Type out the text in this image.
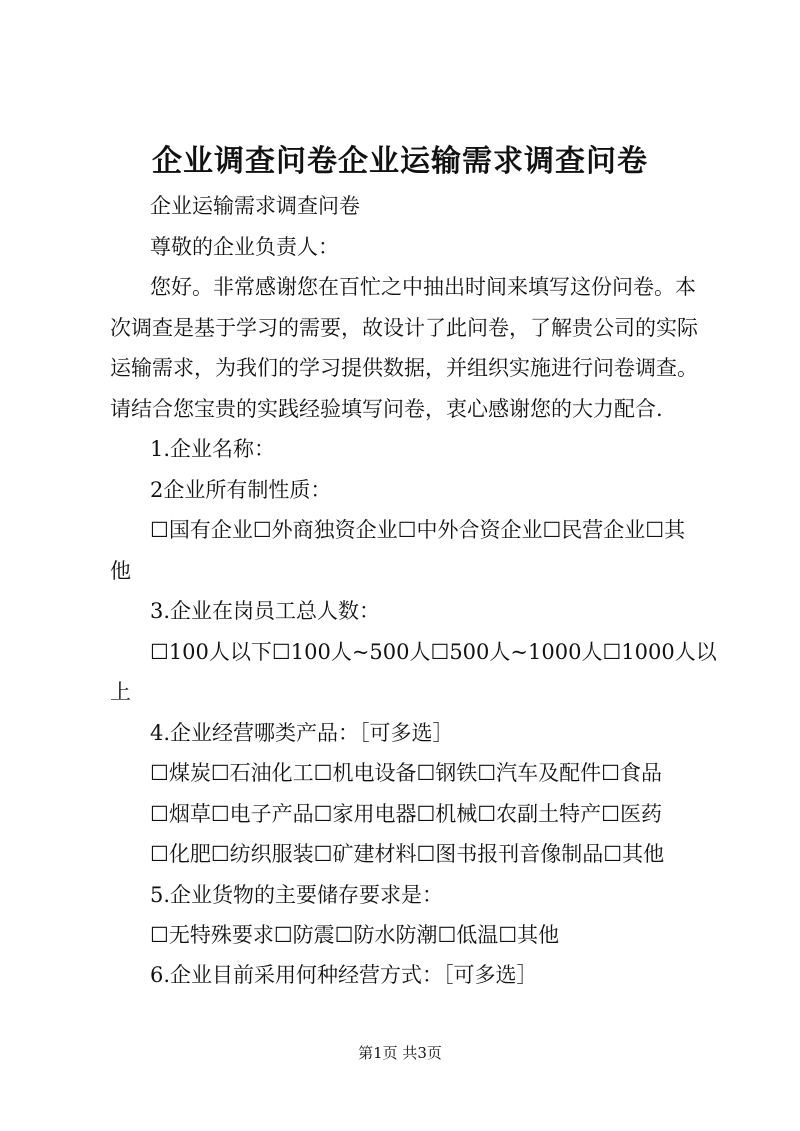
企业调查问卷企业运输需求调查问卷

企业运输需求调查问卷

尊敬的企业负责人：

您好。非常感谢您在百忙之中抽出时间来填写这份问卷。本

次调查是基于学习的需要，故设计了此问卷，了解贵公司的实际

运输需求，为我们的学习提供数据，并组织实施进行问卷调查。

请结合您宝贵的实践经验填写问卷，衷心感谢您的大力配合.

1.企业名称：

2企业所有制性质：

☐国有企业☐外商独资企业☐中外合资企业☐民营企业☐其

他

3.企业在岗员工总人数：

☐100人以下☐100人~500人☐500人~1000人☐1000人以

上

4.企业经营哪类产品：［可多选］

☐煤炭☐石油化工☐机电设备☐钢铁☐汽车及配件☐食品

☐烟草☐电子产品☐家用电器☐机械☐农副土特产☐医药

☐化肥☐纺织服装☐矿建材料☐图书报刊音像制品☐其他

5.企业货物的主要储存要求是：

☐无特殊要求☐防震☐防水防潮☐低温☐其他

6.企业目前采用何种经营方式：［可多选］

第1页 共3页
